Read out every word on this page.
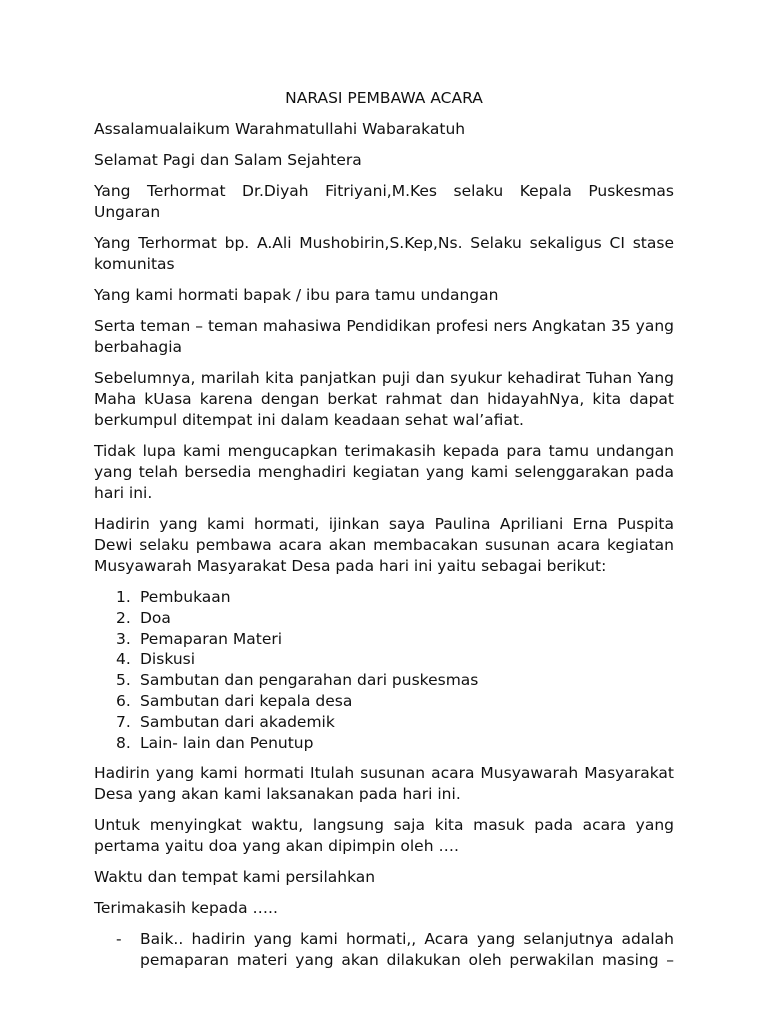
NARASI PEMBAWA ACARA

Assalamualaikum Warahmatullahi Wabarakatuh

Selamat Pagi dan Salam Sejahtera

Yang Terhormat Dr.Diyah Fitriyani,M.Kes selaku Kepala Puskesmas Ungaran

Yang Terhormat bp. A.Ali Mushobirin,S.Kep,Ns. Selaku sekaligus CI stase komunitas

Yang kami hormati bapak / ibu para tamu undangan

Serta teman – teman mahasiwa Pendidikan profesi ners Angkatan 35 yang berbahagia

Sebelumnya, marilah kita panjatkan puji dan syukur kehadirat Tuhan Yang Maha kUasa karena dengan berkat rahmat dan hidayahNya, kita dapat berkumpul ditempat ini dalam keadaan sehat wal’afiat.

Tidak lupa kami mengucapkan terimakasih kepada para tamu undangan yang telah bersedia menghadiri kegiatan yang kami selenggarakan pada hari ini.

Hadirin yang kami hormati, ijinkan saya Paulina Apriliani Erna Puspita Dewi selaku pembawa acara akan membacakan susunan acara kegiatan Musyawarah Masyarakat Desa pada hari ini yaitu sebagai berikut:

1. Pembukaan
2. Doa
3. Pemaparan Materi
4. Diskusi
5. Sambutan dan pengarahan dari puskesmas
6. Sambutan dari kepala desa
7. Sambutan dari akademik
8. Lain- lain dan Penutup

Hadirin yang kami hormati Itulah susunan acara Musyawarah Masyarakat Desa yang akan kami laksanakan pada hari ini.

Untuk menyingkat waktu, langsung saja kita masuk pada acara yang pertama yaitu doa yang akan dipimpin oleh ….

Waktu dan tempat kami persilahkan

Terimakasih kepada …..

-	Baik.. hadirin yang kami hormati,, Acara yang selanjutnya adalah pemaparan materi yang akan dilakukan oleh perwakilan masing –
